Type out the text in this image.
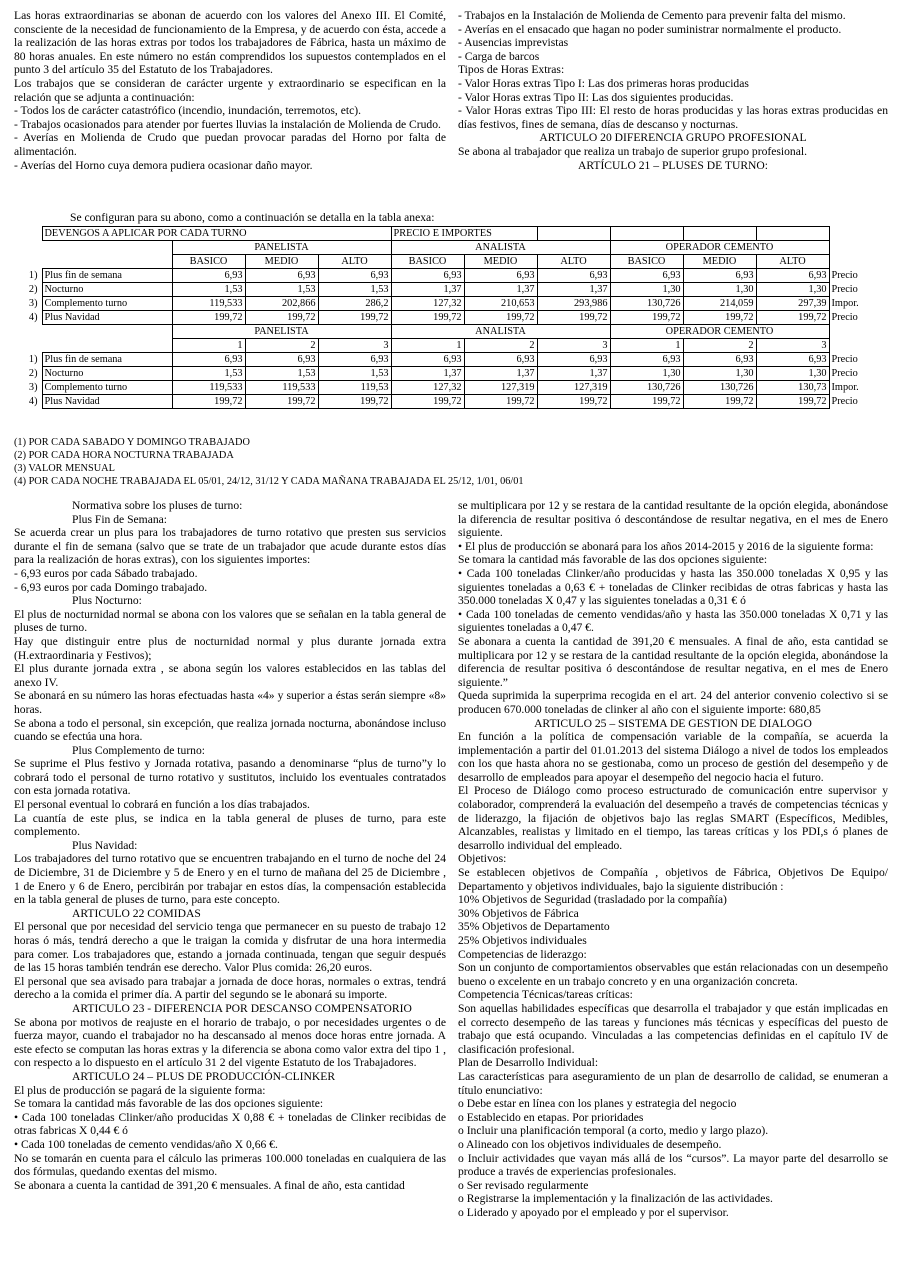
Las horas extraordinarias se abonan de acuerdo con los valores del Anexo III. El Comité, consciente de la necesidad de funcionamiento de la Empresa, y de acuerdo con ésta, accede a la realización de las horas extras por todos los trabajadores de Fábrica, hasta un máximo de 80 horas anuales. En este número no están comprendidos los supuestos contemplados en el punto 3 del artículo 35 del Estatuto de los Trabajadores.

Los trabajos que se consideran de carácter urgente y extraordinario se especifican en la relación que se adjunta a continuación:

- Todos los de carácter catastrófico (incendio, inundación, terremotos, etc).

- Trabajos ocasionados para atender por fuertes lluvias la instalación de Molienda de Crudo.

- Averías en Molienda de Crudo que puedan provocar paradas del Horno por falta de alimentación.

- Averías del Horno cuya demora pudiera ocasionar daño mayor.

- Trabajos en la Instalación de Molienda de Cemento para prevenir falta del mismo.

- Averías en el ensacado que hagan no poder suministrar normalmente el producto.

- Ausencias imprevistas

- Carga de barcos

Tipos de Horas Extras:

- Valor Horas extras Tipo I: Las dos primeras horas producidas

- Valor Horas extras Tipo II: Las dos siguientes producidas.

- Valor Horas extras Tipo III: El resto de horas producidas y las horas extras producidas en días festivos, fines de semana, días de descanso y nocturnas.

ARTICULO 20 DIFERENCIA GRUPO PROFESIONAL

Se abona al trabajador que realiza un trabajo de superior grupo profesional.

ARTÍCULO 21 – PLUSES DE TURNO:

Se configuran para su abono, como a continuación se detalla en la tabla anexa:
	DEVENGOS A APLICAR POR CADA TURNO				PRECIO E IMPORTES						
		PANELISTA			ANALISTA			OPERADOR CEMENTO			
		BASICO	MEDIO	ALTO	BASICO	MEDIO	ALTO	BASICO	MEDIO	ALTO	
1)	Plus fin de semana	6,93	6,93	6,93	6,93	6,93	6,93	6,93	6,93	6,93	Precio
2)	Nocturno	1,53	1,53	1,53	1,37	1,37	1,37	1,30	1,30	1,30	Precio
3)	Complemento turno	119,533	202,866	286,2	127,32	210,653	293,986	130,726	214,059	297,39	Impor.
4)	Plus Navidad	199,72	199,72	199,72	199,72	199,72	199,72	199,72	199,72	199,72	Precio
		PANELISTA			ANALISTA			OPERADOR CEMENTO			
		1	2	3	1	2	3	1	2	3	
1)	Plus fin de semana	6,93	6,93	6,93	6,93	6,93	6,93	6,93	6,93	6,93	Precio
2)	Nocturno	1,53	1,53	1,53	1,37	1,37	1,37	1,30	1,30	1,30	Precio
3)	Complemento turno	119,533	119,533	119,53	127,32	127,319	127,319	130,726	130,726	130,73	Impor.
4)	Plus Navidad	199,72	199,72	199,72	199,72	199,72	199,72	199,72	199,72	199,72	Precio
(1) POR CADA SABADO Y DOMINGO TRABAJADO
(2) POR CADA HORA NOCTURNA TRABAJADA
(3) VALOR MENSUAL
(4) POR CADA NOCHE TRABAJADA EL 05/01, 24/12, 31/12 Y CADA MAÑANA TRABAJADA EL 25/12, 1/01, 06/01

Normativa sobre los pluses de turno:

Plus Fin de Semana:

Se acuerda crear un plus para los trabajadores de turno rotativo que presten sus servicios durante el fin de semana (salvo que se trate de un trabajador que acude durante estos días para la realización de horas extras), con los siguientes importes:

- 6,93 euros por cada Sábado trabajado.

- 6,93 euros por cada Domingo trabajado.

Plus Nocturno:

El plus de nocturnidad normal se abona con los valores que se señalan en la tabla general de pluses de turno.

Hay que distinguir entre plus de nocturnidad normal y plus durante jornada extra (H.extraordinaria y Festivos);

El plus durante jornada extra , se abona según los valores establecidos en las tablas del anexo IV.

Se abonará en su número las horas efectuadas hasta «4» y superior a éstas serán siempre «8» horas.

Se abona a todo el personal, sin excepción, que realiza jornada nocturna, abonándose incluso cuando se efectúa una hora.

Plus Complemento de turno:

Se suprime el Plus festivo y Jornada rotativa, pasando a denominarse “plus de turno”y lo cobrará todo el personal de turno rotativo y sustitutos, incluido los eventuales contratados con esta jornada rotativa.

El personal eventual lo cobrará en función a los días trabajados.

La cuantía de este plus, se indica en la tabla general de pluses de turno, para este complemento.

Plus Navidad:

Los trabajadores del turno rotativo que se encuentren trabajando en el turno de noche del 24 de Diciembre, 31 de Diciembre y 5 de Enero y en el turno de mañana del 25 de Diciembre , 1 de Enero y 6 de Enero, percibirán por trabajar en estos días, la compensación establecida en la tabla general de pluses de turno, para este concepto.

ARTICULO 22 COMIDAS

El personal que por necesidad del servicio tenga que permanecer en su puesto de trabajo 12 horas ó más, tendrá derecho a que le traigan la comida y disfrutar de una hora intermedia para comer. Los trabajadores que, estando a jornada continuada, tengan que seguir después de las 15 horas también tendrán ese derecho. Valor Plus comida: 26,20 euros.

El personal que sea avisado para trabajar a jornada de doce horas, normales o extras, tendrá derecho a la comida el primer día. A partir del segundo se le abonará su importe.

ARTICULO 23 - DIFERENCIA POR DESCANSO COMPENSATORIO

Se abona por motivos de reajuste en el horario de trabajo, o por necesidades urgentes o de fuerza mayor, cuando el trabajador no ha descansado al menos doce horas entre jornada. A este efecto se computan las horas extras y la diferencia se abona como valor extra del tipo 1 , con respecto a lo dispuesto en el artículo 31 2 del vigente Estatuto de los Trabajadores.

ARTICULO 24 – PLUS DE PRODUCCIÓN-CLINKER

El plus de producción se pagará de la siguiente forma:

Se tomara la cantidad más favorable de las dos opciones siguiente:

• Cada 100 toneladas Clinker/año producidas X 0,88 € + toneladas de Clinker recibidas de otras fabricas X 0,44 € ó

• Cada 100 toneladas de cemento vendidas/año X 0,66 €.

No se tomarán en cuenta para el cálculo las primeras 100.000 toneladas en cualquiera de las dos fórmulas, quedando exentas del mismo.

Se abonara a cuenta la cantidad de 391,20 € mensuales. A final de año, esta cantidad

se multiplicara por 12 y se restara de la cantidad resultante de la opción elegida, abonándose la diferencia de resultar positiva ó descontándose de resultar negativa, en el mes de Enero siguiente.

• El plus de producción se abonará para los años 2014-2015 y 2016 de la siguiente forma:

Se tomara la cantidad más favorable de las dos opciones siguiente:

• Cada 100 toneladas Clinker/año producidas y hasta las 350.000 toneladas X 0,95 y las siguientes toneladas a 0,63 € + toneladas de Clinker recibidas de otras fabricas y hasta las 350.000 toneladas X 0,47 y las siguientes toneladas a 0,31 € ó

• Cada 100 toneladas de cemento vendidas/año y hasta las 350.000 toneladas X 0,71 y las siguientes toneladas a 0,47 €.

Se abonara a cuenta la cantidad de 391,20 € mensuales. A final de año, esta cantidad se multiplicara por 12 y se restara de la cantidad resultante de la opción elegida, abonándose la diferencia de resultar positiva ó descontándose de resultar negativa, en el mes de Enero siguiente.”

Queda suprimida la superprima recogida en el art. 24 del anterior convenio colectivo si se producen 670.000 toneladas de clinker al año con el siguiente importe: 680,85

ARTICULO 25 – SISTEMA DE GESTION DE DIALOGO

En función a la política de compensación variable de la compañía, se acuerda la implementación a partir del 01.01.2013 del sistema Diálogo a nivel de todos los empleados con los que hasta ahora no se gestionaba, como un proceso de gestión del desempeño y de desarrollo de empleados para apoyar el desempeño del negocio hacia el futuro.

El Proceso de Diálogo como proceso estructurado de comunicación entre supervisor y colaborador, comprenderá la evaluación del desempeño a través de competencias técnicas y de liderazgo, la fijación de objetivos bajo las reglas SMART (Específicos, Medibles, Alcanzables, realistas y limitado en el tiempo, las tareas críticas y los PDI,s ó planes de desarrollo individual del empleado.

Objetivos:

Se establecen objetivos de Compañía , objetivos de Fábrica, Objetivos De Equipo/ Departamento y objetivos individuales, bajo la siguiente distribución :

10% Objetivos de Seguridad (trasladado por la compañía)

30% Objetivos de Fábrica

35% Objetivos de Departamento

25% Objetivos individuales

Competencias de liderazgo:

Son un conjunto de comportamientos observables que están relacionadas con un desempeño bueno o excelente en un trabajo concreto y en una organización concreta.

Competencia Técnicas/tareas críticas:

Son aquellas habilidades específicas que desarrolla el trabajador y que están implicadas en el correcto desempeño de las tareas y funciones más técnicas y específicas del puesto de trabajo que está ocupando. Vinculadas a las competencias definidas en el capítulo IV de clasificación profesional.

Plan de Desarrollo Individual:

Las características para aseguramiento de un plan de desarrollo de calidad, se enumeran a título enunciativo:

o Debe estar en línea con los planes y estrategia del negocio

o Establecido en etapas. Por prioridades

o Incluir una planificación temporal (a corto, medio y largo plazo).

o Alineado con los objetivos individuales de desempeño.

o Incluir actividades que vayan más allá de los “cursos”. La mayor parte del desarrollo se produce a través de experiencias profesionales.

o Ser revisado regularmente

o Registrarse la implementación y la finalización de las actividades.

o Liderado y apoyado por el empleado y por el supervisor.
